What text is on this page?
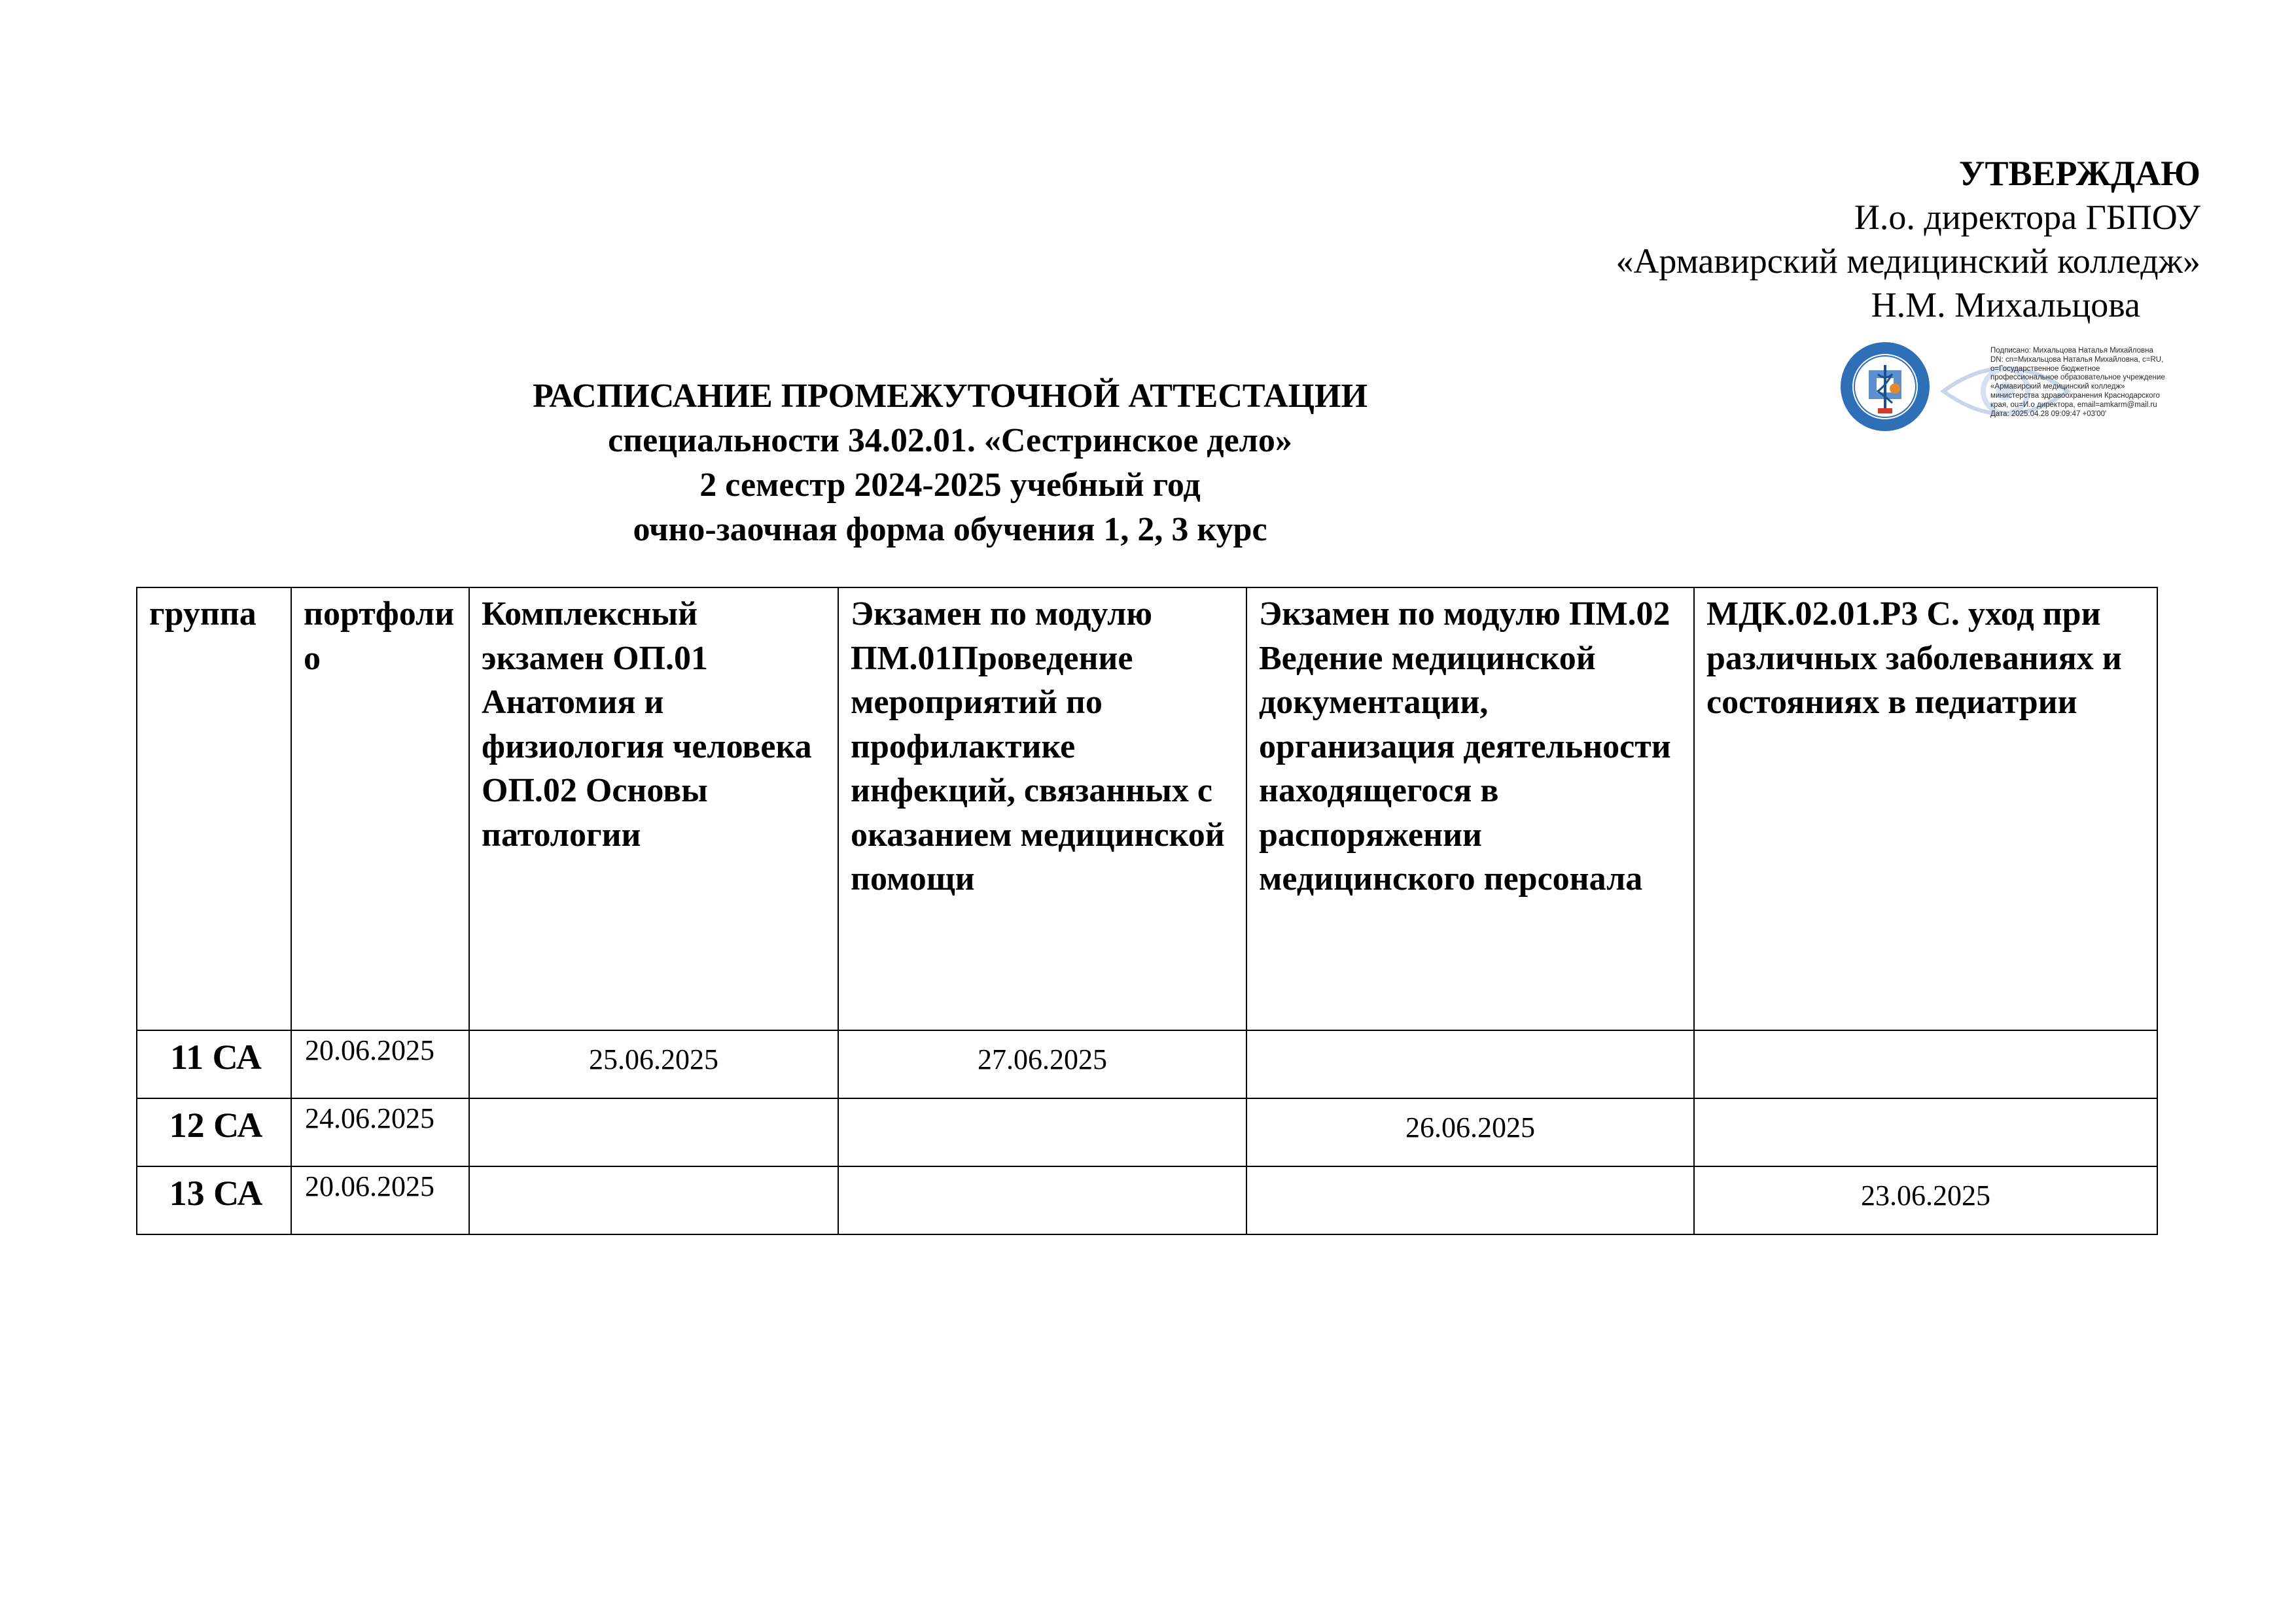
УТВЕРЖДАЮ
И.о. директора ГБПОУ
«Армавирский медицинский колледж»
Н.М. Михальцова
Подписано: Михальцова Наталья Михайловна
DN: cn=Михальцова Наталья Михайловна, c=RU,
o=Государственное бюджетное
профессиональное образовательное учреждение
«Армавирский медицинский колледж»
министерства здравоохранения Краснодарского
края, ou=И.о директора, email=amkarm@mail.ru
Дата: 2025.04.28 09:09:47 +03'00'
РАСПИСАНИЕ ПРОМЕЖУТОЧНОЙ АТТЕСТАЦИИ
специальности 34.02.01. «Сестринское дело»
2 семестр 2024-2025 учебный год
очно-заочная форма обучения 1, 2, 3 курс
группа	портфолио	Комплексный экзамен ОП.01 Анатомия и физиология человека ОП.02 Основы патологии	Экзамен по модулю ПМ.01Проведение мероприятий по профилактике инфекций, связанных с оказанием медицинской помощи	Экзамен по модулю ПМ.02 Ведение медицинской документации, организация деятельности находящегося в распоряжении медицинского персонала	МДК.02.01.Р3 С. уход при различных заболеваниях и состояниях в педиатрии
11 СА	20.06.2025	25.06.2025	27.06.2025		
12 СА	24.06.2025			26.06.2025	
13 СА	20.06.2025				23.06.2025
